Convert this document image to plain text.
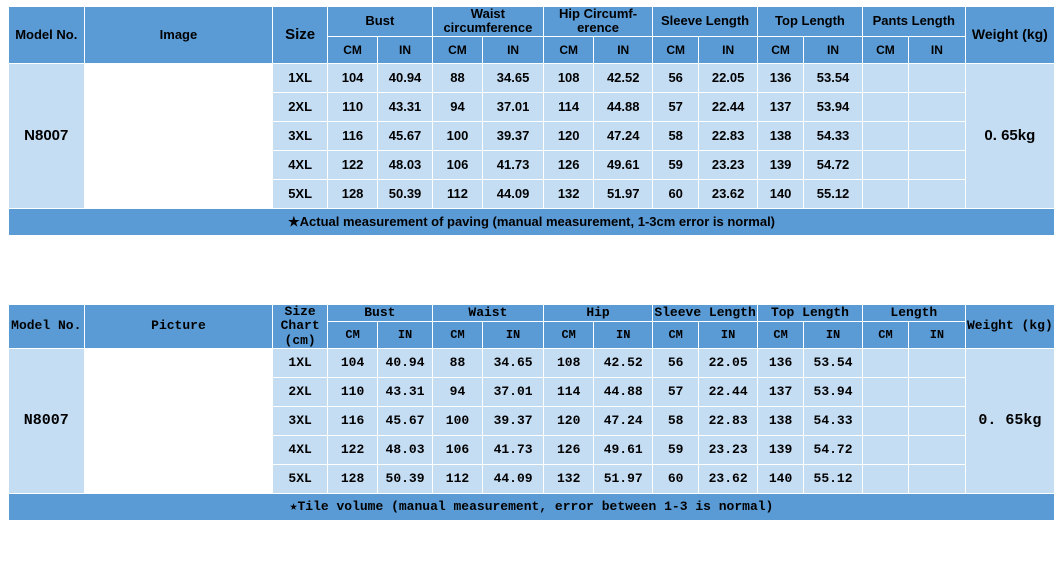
Model No.	Image	Size	Bust		Waist circumference		Hip Circumf-erence		Sleeve Length		Top Length		Pants Length		Weight (kg)
			CM	IN	CM	IN	CM	IN	CM	IN	CM	IN	CM	IN	
N8007		1XL	104	40.94	88	34.65	108	42.52	56	22.05	136	53.54			0. 65kg
		2XL	110	43.31	94	37.01	114	44.88	57	22.44	137	53.94			
		3XL	116	45.67	100	39.37	120	47.24	58	22.83	138	54.33			
		4XL	122	48.03	106	41.73	126	49.61	59	23.23	139	54.72			
		5XL	128	50.39	112	44.09	132	51.97	60	23.62	140	55.12			
★Actual measurement of paving (manual measurement, 1-3cm error is normal)															
Model No.	Picture	Size Chart (cm)	Bust		Waist		Hip		Sleeve Length		Top Length		Length		Weight (kg)
			CM	IN	CM	IN	CM	IN	CM	IN	CM	IN	CM	IN	
N8007		1XL	104	40.94	88	34.65	108	42.52	56	22.05	136	53.54			0. 65kg
		2XL	110	43.31	94	37.01	114	44.88	57	22.44	137	53.94			
		3XL	116	45.67	100	39.37	120	47.24	58	22.83	138	54.33			
		4XL	122	48.03	106	41.73	126	49.61	59	23.23	139	54.72			
		5XL	128	50.39	112	44.09	132	51.97	60	23.62	140	55.12			
★Tile volume (manual measurement, error between 1-3 is normal)															
